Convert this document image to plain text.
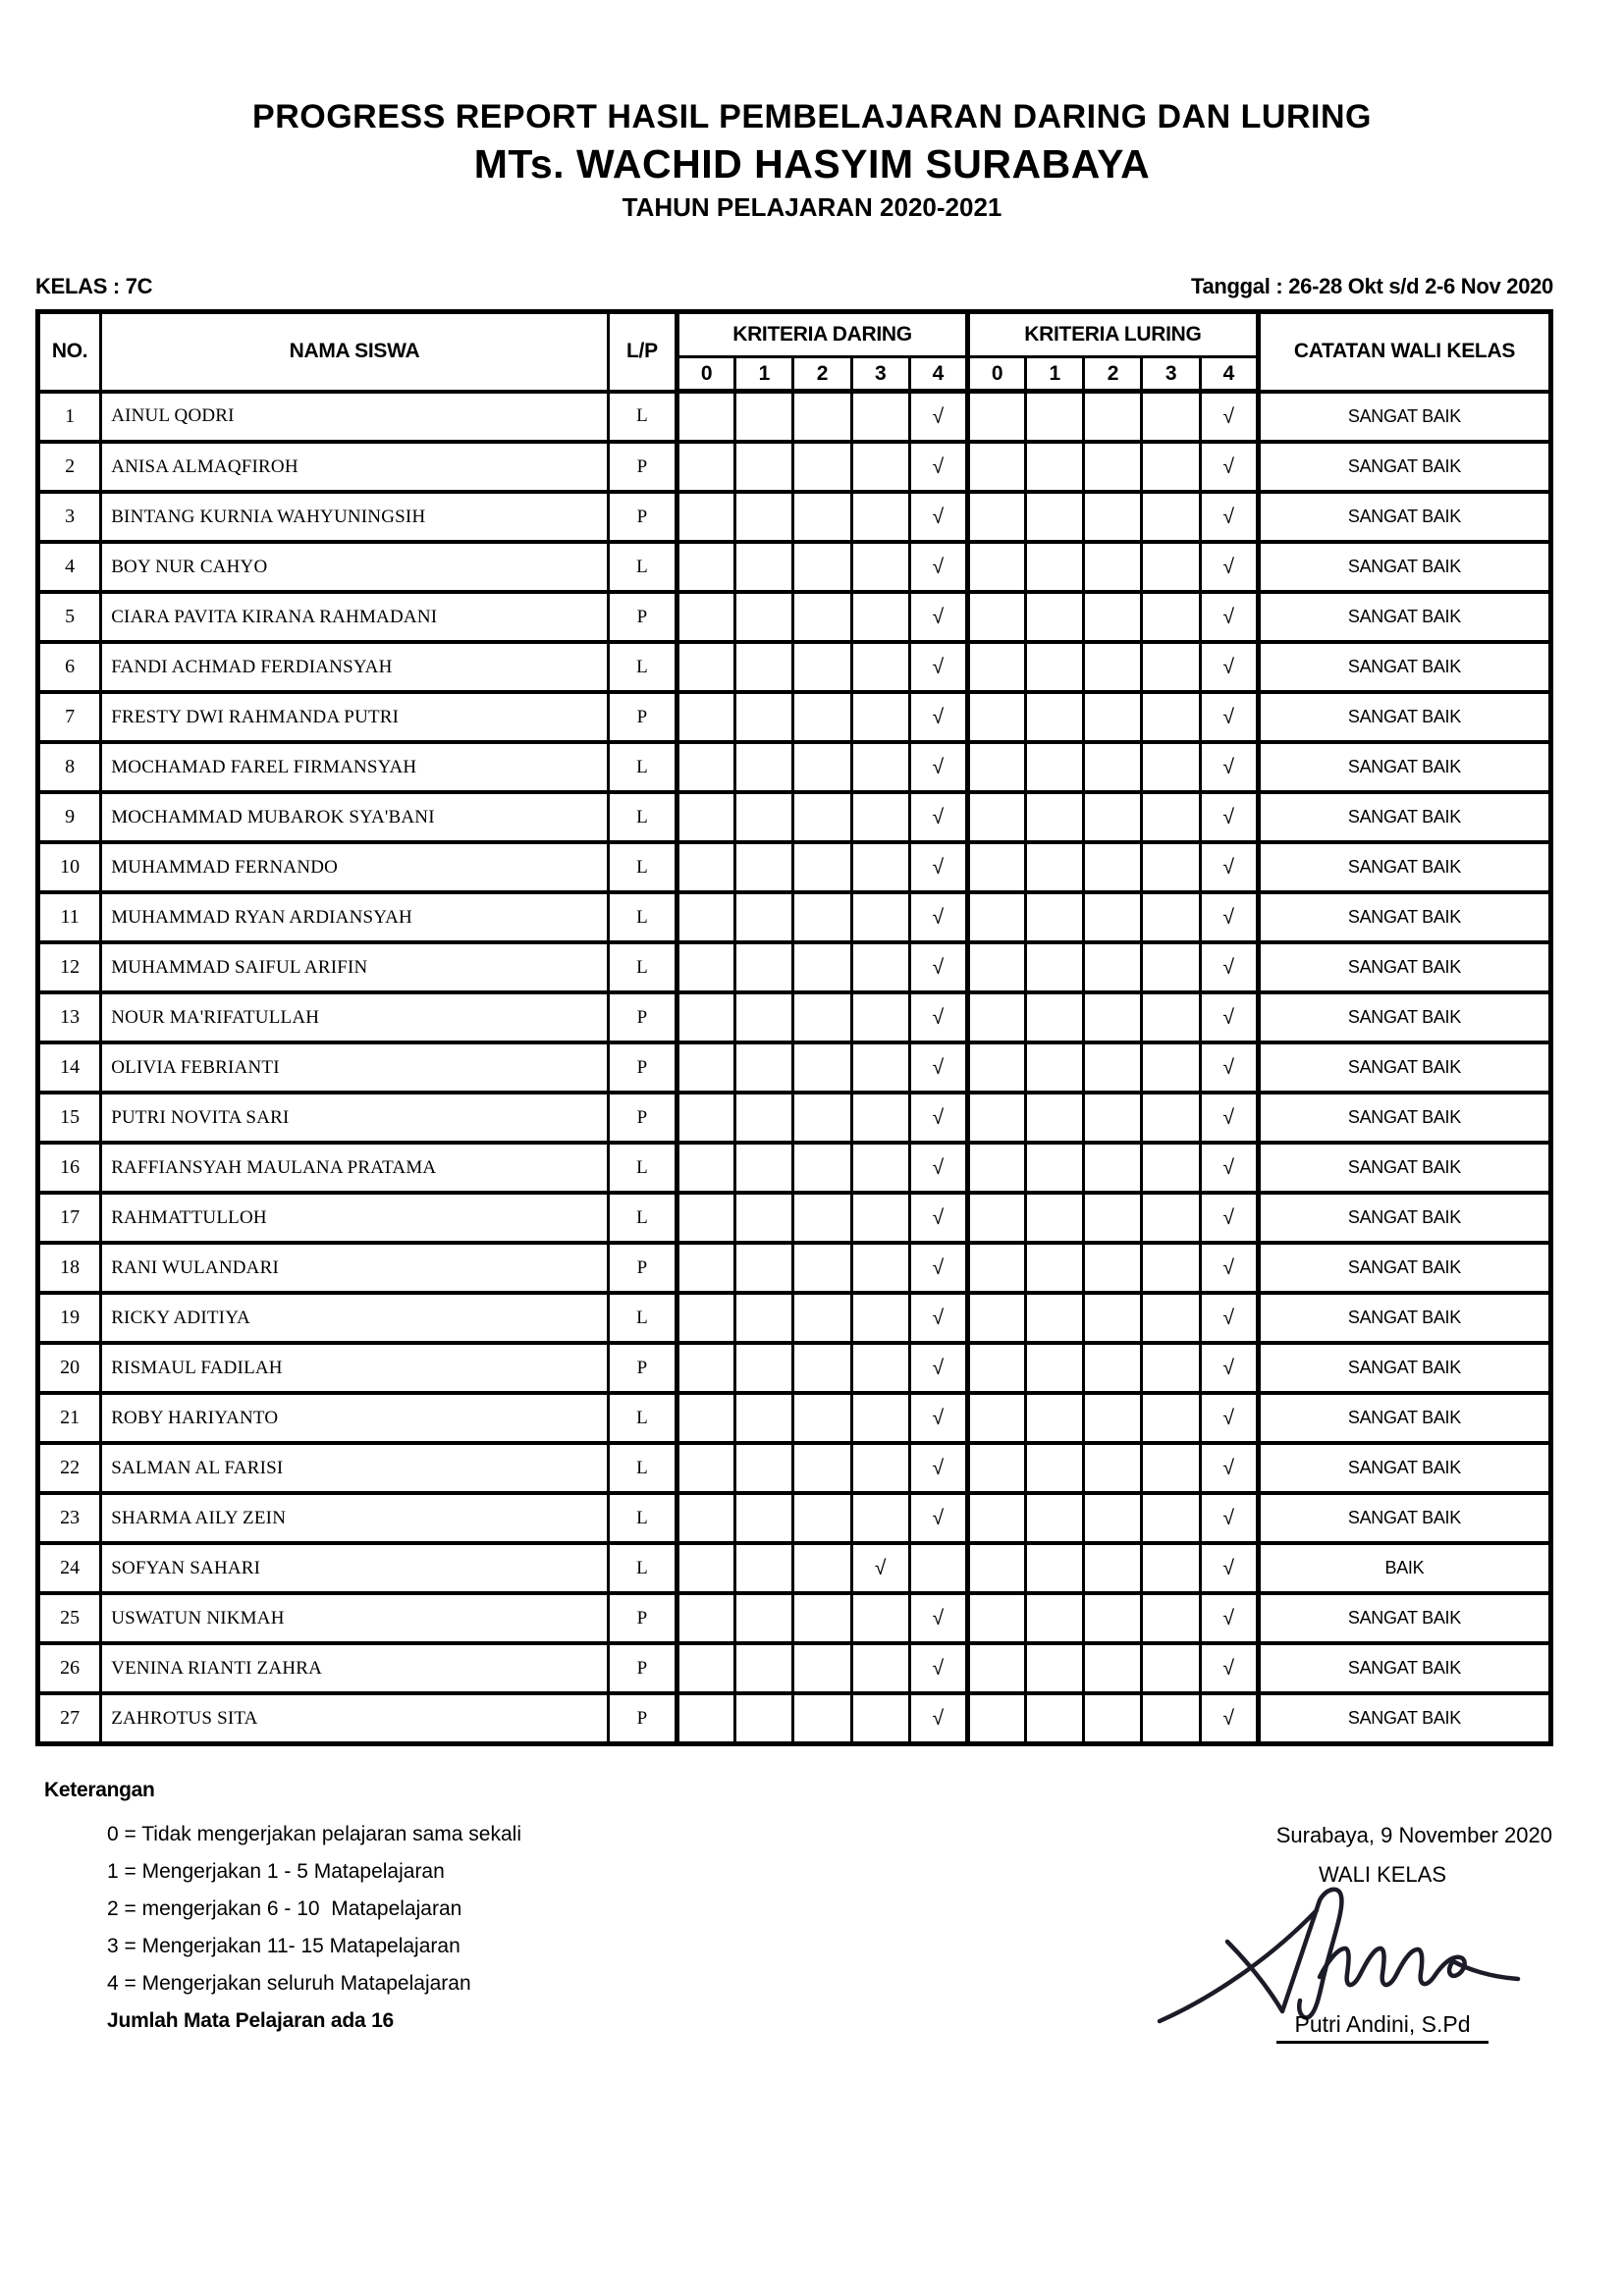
PROGRESS REPORT HASIL PEMBELAJARAN DARING DAN LURING
MTs. WACHID HASYIM SURABAYA
TAHUN PELAJARAN 2020-2021
KELAS : 7C	Tanggal : 26-28 Okt s/d 2-6 Nov 2020
NO.	NAMA SISWA	L/P	KRITERIA DARING					KRITERIA LURING					CATATAN WALI KELAS
			0	1	2	3	4	0	1	2	3	4	
1	AINUL QODRI	L					√					√	SANGAT BAIK
2	ANISA ALMAQFIROH	P					√					√	SANGAT BAIK
3	BINTANG KURNIA WAHYUNINGSIH	P					√					√	SANGAT BAIK
4	BOY NUR CAHYO	L					√					√	SANGAT BAIK
5	CIARA PAVITA KIRANA RAHMADANI	P					√					√	SANGAT BAIK
6	FANDI ACHMAD FERDIANSYAH	L					√					√	SANGAT BAIK
7	FRESTY DWI RAHMANDA PUTRI	P					√					√	SANGAT BAIK
8	MOCHAMAD FAREL FIRMANSYAH	L					√					√	SANGAT BAIK
9	MOCHAMMAD MUBAROK SYA'BANI	L					√					√	SANGAT BAIK
10	MUHAMMAD FERNANDO	L					√					√	SANGAT BAIK
11	MUHAMMAD RYAN ARDIANSYAH	L					√					√	SANGAT BAIK
12	MUHAMMAD SAIFUL ARIFIN	L					√					√	SANGAT BAIK
13	NOUR MA'RIFATULLAH	P					√					√	SANGAT BAIK
14	OLIVIA FEBRIANTI	P					√					√	SANGAT BAIK
15	PUTRI NOVITA SARI	P					√					√	SANGAT BAIK
16	RAFFIANSYAH MAULANA PRATAMA	L					√					√	SANGAT BAIK
17	RAHMATTULLOH	L					√					√	SANGAT BAIK
18	RANI WULANDARI	P					√					√	SANGAT BAIK
19	RICKY ADITIYA	L					√					√	SANGAT BAIK
20	RISMAUL FADILAH	P					√					√	SANGAT BAIK
21	ROBY HARIYANTO	L					√					√	SANGAT BAIK
22	SALMAN AL FARISI	L					√					√	SANGAT BAIK
23	SHARMA AILY ZEIN	L					√					√	SANGAT BAIK
24	SOFYAN SAHARI	L				√						√	BAIK
25	USWATUN NIKMAH	P					√					√	SANGAT BAIK
26	VENINA RIANTI ZAHRA	P					√					√	SANGAT BAIK
27	ZAHROTUS SITA	P					√					√	SANGAT BAIK
Keterangan
0 = Tidak mengerjakan pelajaran sama sekali
1 = Mengerjakan 1 - 5 Matapelajaran
2 = mengerjakan 6 - 10  Matapelajaran
3 = Mengerjakan 11- 15 Matapelajaran
4 = Mengerjakan seluruh Matapelajaran
Jumlah Mata Pelajaran ada 16
Surabaya, 9 November 2020
WALI KELAS
Putri Andini, S.Pd
